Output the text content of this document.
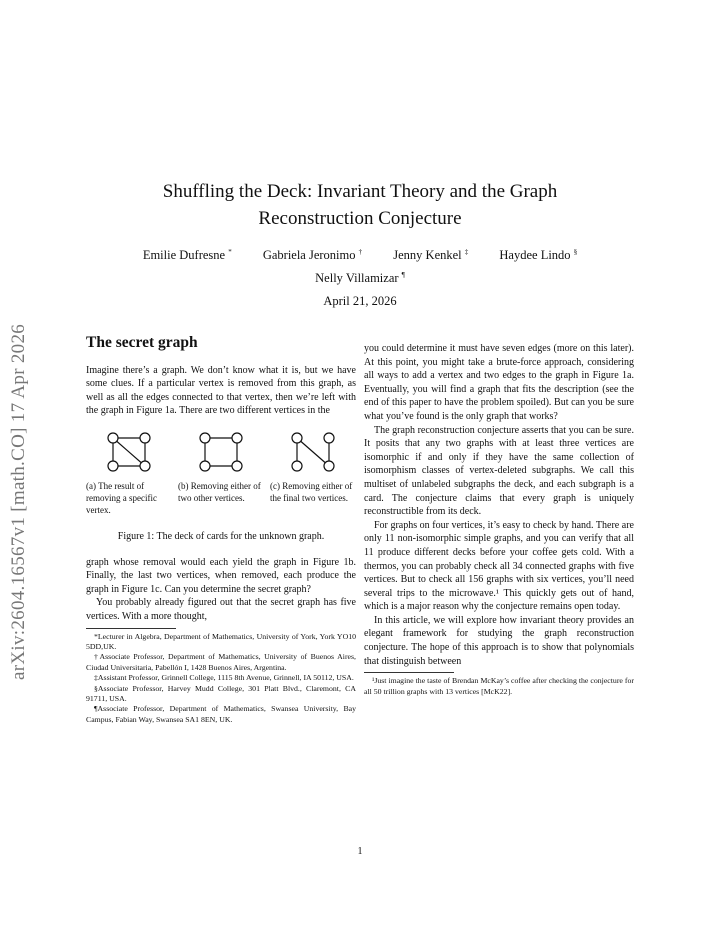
arXiv:2604.16567v1 [math.CO] 17 Apr 2026
Shuffling the Deck: Invariant Theory and the Graph
Reconstruction Conjecture
Emilie Dufresne * Gabriela Jeronimo † Jenny Kenkel ‡ Haydee Lindo §
Nelly Villamizar ¶
April 21, 2026
The secret graph

Imagine there’s a graph. We don’t know what it is, but we have some clues. If a particular vertex is removed from this graph, as well as all the edges connected to that vertex, then we’re left with the graph in Figure 1a. There are two different vertices in the

(a) The result of removing a specific vertex.
(b) Removing either of two other vertices.
(c) Removing either of the final two vertices.
Figure 1: The deck of cards for the unknown graph.

graph whose removal would each yield the graph in Figure 1b. Finally, the last two vertices, when removed, each produce the graph in Figure 1c. Can you determine the secret graph?

You probably already figured out that the secret graph has five vertices. With a more thought,

*Lecturer in Algebra, Department of Mathematics, University of York, York YO10 5DD,UK.
†Associate Professor, Department of Mathematics, University of Buenos Aires, Ciudad Universitaria, Pabellón I, 1428 Buenos Aires, Argentina.
‡Assistant Professor, Grinnell College, 1115 8th Avenue, Grinnell, IA 50112, USA.
§Associate Professor, Harvey Mudd College, 301 Platt Blvd., Claremont, CA 91711, USA.
¶Associate Professor, Department of Mathematics, Swansea University, Bay Campus, Fabian Way, Swansea SA1 8EN, UK.

you could determine it must have seven edges (more on this later). At this point, you might take a brute-force approach, considering all ways to add a vertex and two edges to the graph in Figure 1a. Eventually, you will find a graph that fits the description (see the end of this paper to have the problem spoiled). But can you be sure what you’ve found is the only graph that works?

The graph reconstruction conjecture asserts that you can be sure. It posits that any two graphs with at least three vertices are isomorphic if and only if they have the same collection of isomorphism classes of vertex-deleted subgraphs. We call this multiset of unlabeled subgraphs the deck, and each subgraph is a card. The conjecture claims that every graph is uniquely reconstructible from its deck.

For graphs on four vertices, it’s easy to check by hand. There are only 11 non-isomorphic simple graphs, and you can verify that all 11 produce different decks before your coffee gets cold. With a thermos, you can probably check all 34 connected graphs with five vertices. But to check all 156 graphs with six vertices, you’ll need several trips to the microwave.¹ This quickly gets out of hand, which is a major reason why the conjecture remains open today.

In this article, we will explore how invariant theory provides an elegant framework for studying the graph reconstruction conjecture. The hope of this approach is to show that polynomials that distinguish between

¹Just imagine the taste of Brendan McKay’s coffee after checking the conjecture for all 50 trillion graphs with 13 vertices [McK22].
1
